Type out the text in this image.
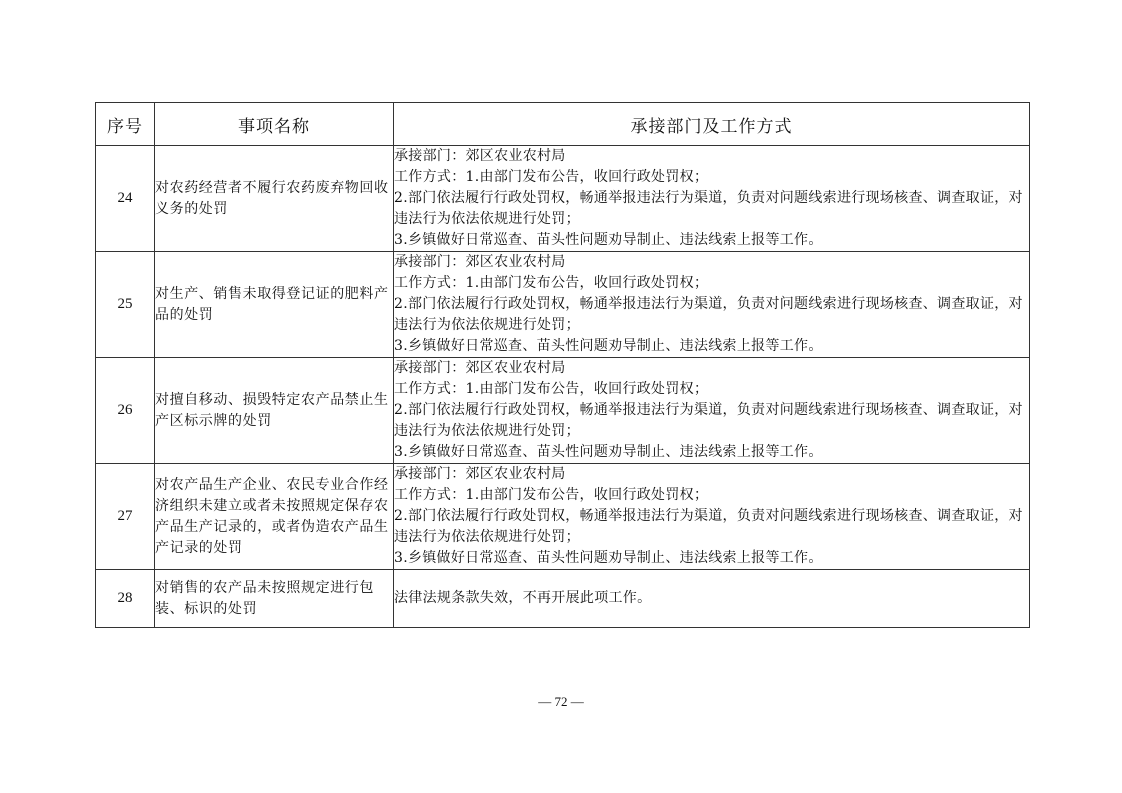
序号	事项名称	承接部门及工作方式
24	对农药经营者不履行农药废弃物回收义务的处罚	承接部门：郊区农业农村局
工作方式：1.由部门发布公告，收回行政处罚权；
2.部门依法履行行政处罚权，畅通举报违法行为渠道，负责对问题线索进行现场核查、调查取证，对违法行为依法依规进行处罚；
3.乡镇做好日常巡查、苗头性问题劝导制止、违法线索上报等工作。

25	对生产、销售未取得登记证的肥料产品的处罚	承接部门：郊区农业农村局
工作方式：1.由部门发布公告，收回行政处罚权；
2.部门依法履行行政处罚权，畅通举报违法行为渠道，负责对问题线索进行现场核查、调查取证，对违法行为依法依规进行处罚；
3.乡镇做好日常巡查、苗头性问题劝导制止、违法线索上报等工作。

26	对擅自移动、损毁特定农产品禁止生产区标示牌的处罚	承接部门：郊区农业农村局
工作方式：1.由部门发布公告，收回行政处罚权；
2.部门依法履行行政处罚权，畅通举报违法行为渠道，负责对问题线索进行现场核查、调查取证，对违法行为依法依规进行处罚；
3.乡镇做好日常巡查、苗头性问题劝导制止、违法线索上报等工作。

27	对农产品生产企业、农民专业合作经济组织未建立或者未按照规定保存农产品生产记录的，或者伪造农产品生产记录的处罚	承接部门：郊区农业农村局
工作方式：1.由部门发布公告，收回行政处罚权；
2.部门依法履行行政处罚权，畅通举报违法行为渠道，负责对问题线索进行现场核查、调查取证，对违法行为依法依规进行处罚；
3.乡镇做好日常巡查、苗头性问题劝导制止、违法线索上报等工作。

28	对销售的农产品未按照规定进行包装、标识的处罚	法律法规条款失效，不再开展此项工作。
— 72 —
